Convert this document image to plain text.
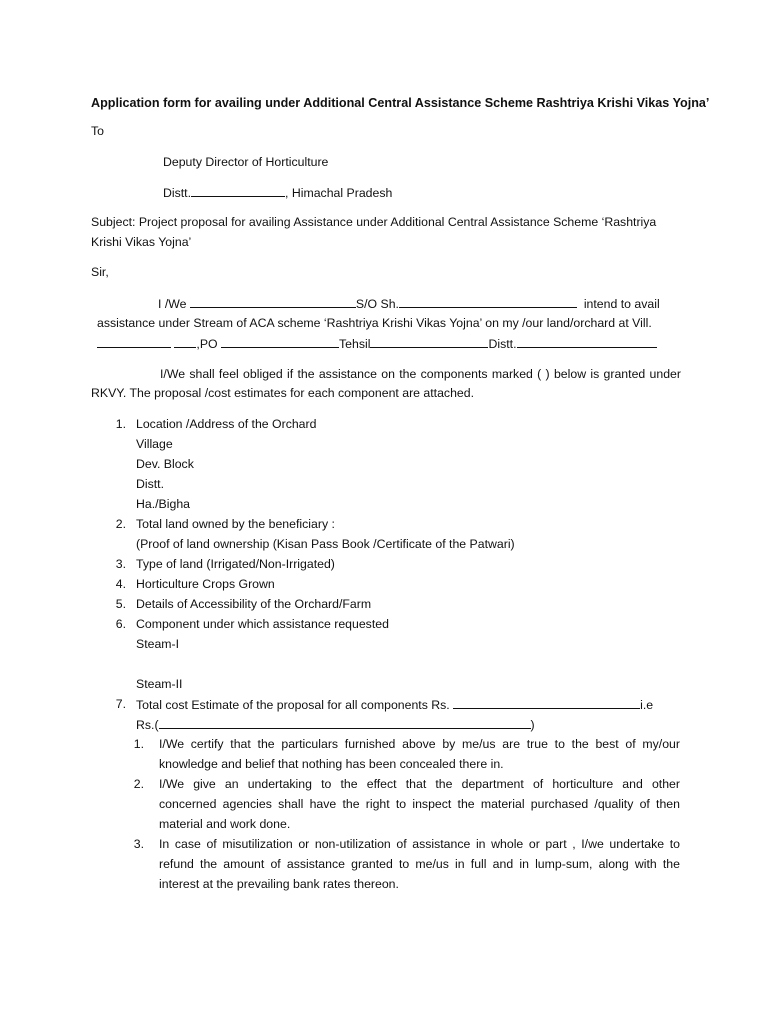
Application form for availing under Additional Central Assistance Scheme Rashtriya Krishi Vikas Yojna’
To
Deputy Director of Horticulture
Distt.	, Himachal Pradesh
Subject: Project proposal for availing Assistance under Additional Central Assistance Scheme ‘Rashtriya
Krishi Vikas Yojna’
Sir,
I /We	S/O Sh.	intend to avail
assistance under Stream of ACA scheme ‘Rashtriya Krishi Vikas Yojna’ on my /our land/orchard at Vill.
,PO	Tehsil	Distt.
I/We shall feel obliged if the assistance on the components marked ( ) below is granted under
RKVY. The proposal /cost estimates for each component are attached.
1. Location /Address of the Orchard
Village
Dev. Block
Distt.
Ha./Bigha
2. Total land owned by the beneficiary :
(Proof of land ownership (Kisan Pass Book /Certificate of the Patwari)
3. Type of land (Irrigated/Non-Irrigated)
4. Horticulture Crops Grown
5. Details of Accessibility of the Orchard/Farm
6. Component under which assistance requested
Steam-I
Steam-II
7. Total cost Estimate of the proposal for all components Rs.	i.e
Rs.(	)
1. I/We certify that the particulars furnished above by me/us are true to the best of my/our
knowledge and belief that nothing has been concealed there in.
2. I/We give an undertaking to the effect that the department of horticulture and other
concerned agencies shall have the right to inspect the material purchased /quality of then
material and work done.
3. In case of misutilization or non-utilization of assistance in whole or part , I/we undertake to
refund the amount of assistance granted to me/us in full and in lump-sum, along with the
interest at the prevailing bank rates thereon.
